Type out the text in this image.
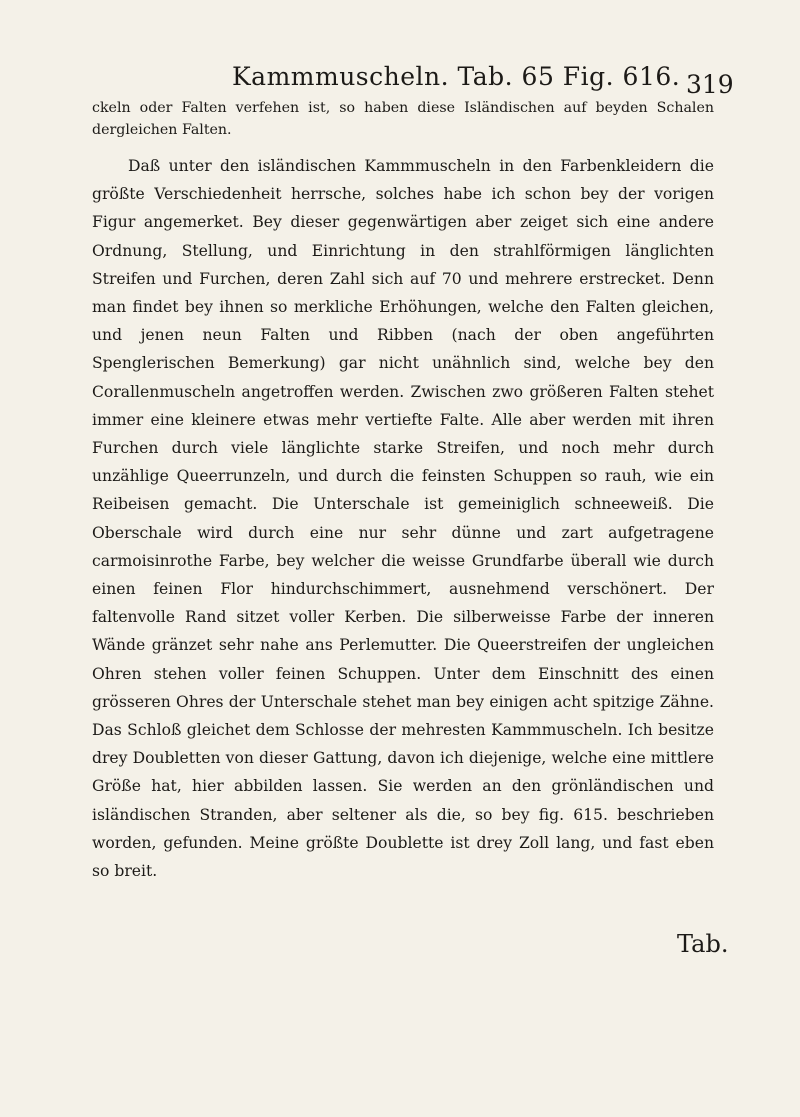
Kammmuscheln. Tab. 65 Fig. 616. 319
ckeln oder Falten verfehen ist, so haben diese Isländischen auf beyden Schalen dergleichen Falten.

Daß unter den isländischen Kammmuscheln in den Farbenkleidern die größte Verschiedenheit herrsche, solches habe ich schon bey der vorigen Figur angemerket. Bey dieser gegenwärtigen aber zeiget sich eine andere Ordnung, Stellung, und Einrichtung in den strahlförmigen länglichten Streifen und Furchen, deren Zahl sich auf 70 und mehrere erstrecket. Denn man findet bey ihnen so merkliche Erhöhungen, welche den Falten gleichen, und jenen neun Falten und Ribben (nach der oben angeführten Spenglerischen Bemerkung) gar nicht unähnlich sind, welche bey den Corallenmuscheln angetroffen werden. Zwischen zwo größeren Falten stehet immer eine kleinere etwas mehr vertiefte Falte. Alle aber werden mit ihren Furchen durch viele länglichte starke Streifen, und noch mehr durch unzählige Queerrunzeln, und durch die feinsten Schuppen so rauh, wie ein Reibeisen gemacht. Die Unterschale ist gemeiniglich schneeweiß. Die Oberschale wird durch eine nur sehr dünne und zart aufgetragene carmoisinrothe Farbe, bey welcher die weisse Grundfarbe überall wie durch einen feinen Flor hindurchschimmert, ausnehmend verschönert. Der faltenvolle Rand sitzet voller Kerben. Die silberweisse Farbe der inneren Wände gränzet sehr nahe ans Perlemutter. Die Queerstreifen der ungleichen Ohren stehen voller feinen Schuppen. Unter dem Einschnitt des einen grösseren Ohres der Unterschale stehet man bey einigen acht spitzige Zähne. Das Schloß gleichet dem Schlosse der mehresten Kammmuscheln. Ich besitze drey Doubletten von dieser Gattung, davon ich diejenige, welche eine mittlere Größe hat, hier abbilden lassen. Sie werden an den grönländischen und isländischen Stranden, aber seltener als die, so bey fig. 615. beschrieben worden, gefunden. Meine größte Doublette ist drey Zoll lang, und fast eben so breit.

Tab.
